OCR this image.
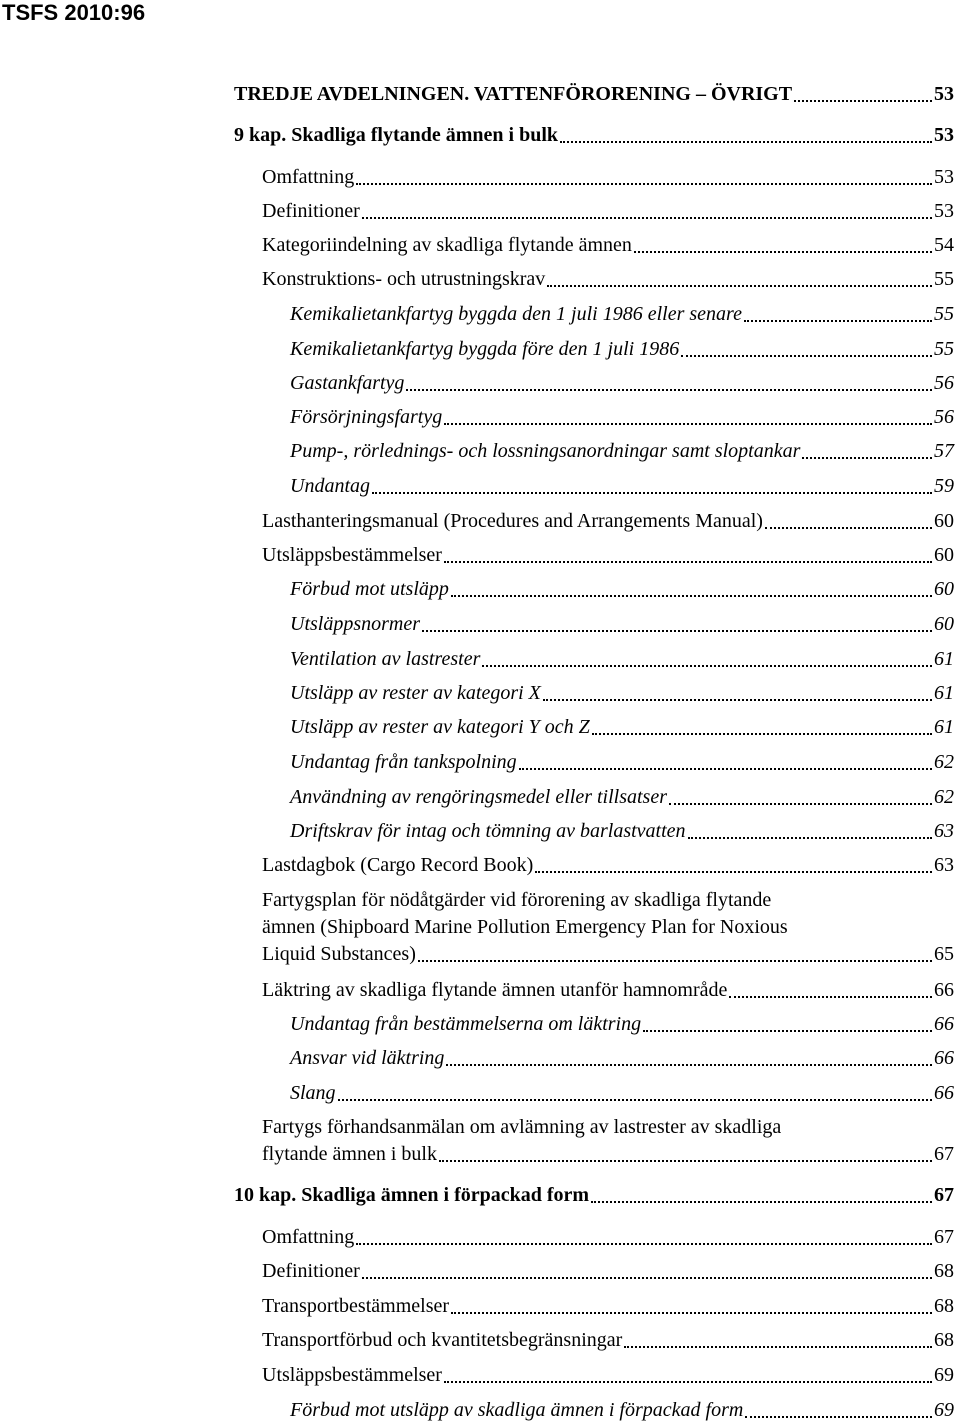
TSFS 2010:96
TREDJE AVDELNINGEN. VATTENFÖRORENING – ÖVRIGT	53
9 kap. Skadliga flytande ämnen i bulk	53
Omfattning	53
Definitioner	53
Kategoriindelning av skadliga flytande ämnen	54
Konstruktions- och utrustningskrav	55
Kemikalietankfartyg byggda den 1 juli 1986 eller senare	55
Kemikalietankfartyg byggda före den 1 juli 1986	55
Gastankfartyg	56
Försörjningsfartyg	56
Pump-, rörlednings- och lossningsanordningar samt sloptankar	57
Undantag	59
Lasthanteringsmanual (Procedures and Arrangements Manual)	60
Utsläppsbestämmelser	60
Förbud mot utsläpp	60
Utsläppsnormer	60
Ventilation av lastrester	61
Utsläpp av rester av kategori X	61
Utsläpp av rester av kategori Y och Z	61
Undantag från tankspolning	62
Användning av rengöringsmedel eller tillsatser	62
Driftskrav för intag och tömning av barlastvatten	63
Lastdagbok (Cargo Record Book)	63
Fartygsplan för nödåtgärder vid förorening av skadliga flytande
ämnen (Shipboard Marine Pollution Emergency Plan for Noxious
Liquid Substances)	65
Läktring av skadliga flytande ämnen utanför hamnområde	66
Undantag från bestämmelserna om läktring	66
Ansvar vid läktring	66
Slang	66
Fartygs förhandsanmälan om avlämning av lastrester av skadliga
flytande ämnen i bulk	67
10 kap. Skadliga ämnen i förpackad form	67
Omfattning	67
Definitioner	68
Transportbestämmelser	68
Transportförbud och kvantitetsbegränsningar	68
Utsläppsbestämmelser	69
Förbud mot utsläpp av skadliga ämnen i förpackad form	69
